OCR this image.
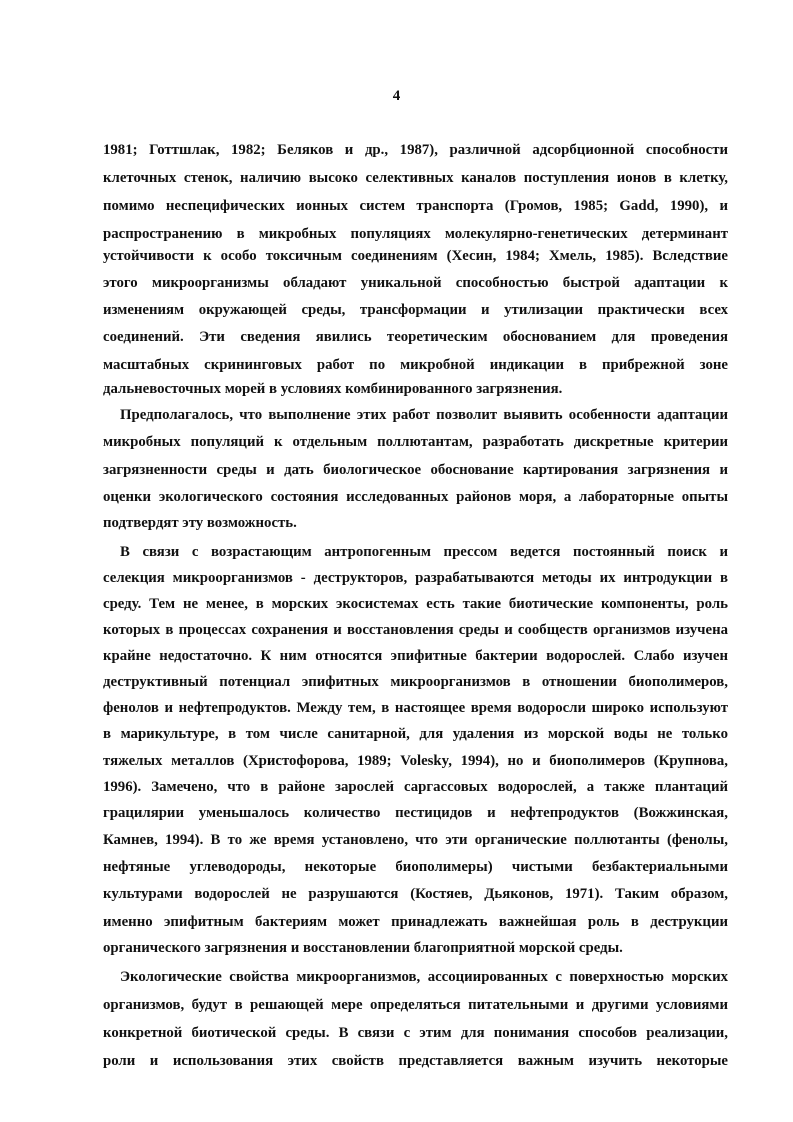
4
1981; Готтшлак, 1982; Беляков и др., 1987), различной адсорбционной способности
клеточных стенок, наличию высоко селективных каналов поступления ионов в клетку,
помимо неспецифических ионных систем транспорта (Громов, 1985; Gadd, 1990), и
распространению в микробных популяциях молекулярно-генетических детерминант
устойчивости к особо токсичным соединениям (Хесин, 1984; Хмель, 1985). Вследствие
этого микроорганизмы обладают уникальной способностью быстрой адаптации к
изменениям окружающей среды, трансформации и утилизации практически всех
соединений. Эти сведения явились теоретическим обоснованием для проведения
масштабных скрининговых работ по микробной индикации в прибрежной зоне
дальневосточных морей в условиях комбинированного загрязнения.
Предполагалось, что выполнение этих работ позволит выявить особенности адаптации
микробных популяций к отдельным поллютантам, разработать дискретные критерии
загрязненности среды и дать биологическое обоснование картирования загрязнения и
оценки экологического состояния исследованных районов моря, а лабораторные опыты
подтвердят эту возможность.
В связи с возрастающим антропогенным прессом ведется постоянный поиск и
селекция микроорганизмов - деструкторов, разрабатываются методы их интродукции в
среду. Тем не менее, в морских экосистемах есть такие биотические компоненты, роль
которых в процессах сохранения и восстановления среды и сообществ организмов изучена
крайне недостаточно. К ним относятся эпифитные бактерии водорослей. Слабо изучен
деструктивный потенциал эпифитных микроорганизмов в отношении биополимеров,
фенолов и нефтепродуктов. Между тем, в настоящее время водоросли широко используют
в марикультуре, в том числе санитарной, для удаления из морской воды не только
тяжелых металлов (Христофорова, 1989; Volesky, 1994), но и биополимеров (Крупнова,
1996). Замечено, что в районе зарослей саргассовых водорослей, а также плантаций
грацилярии уменьшалось количество пестицидов и нефтепродуктов (Вожжинская,
Камнев, 1994). В то же время установлено, что эти органические поллютанты (фенолы,
нефтяные углеводороды, некоторые биополимеры) чистыми безбактериальными
культурами водорослей не разрушаются (Костяев, Дьяконов, 1971). Таким образом,
именно эпифитным бактериям может принадлежать важнейшая роль в деструкции
органического загрязнения и восстановлении благоприятной морской среды.
Экологические свойства микроорганизмов, ассоциированных с поверхностью морских
организмов, будут в решающей мере определяться питательными и другими условиями
конкретной биотической среды. В связи с этим для понимания способов реализации,
роли и использования этих свойств представляется важным изучить некоторые
